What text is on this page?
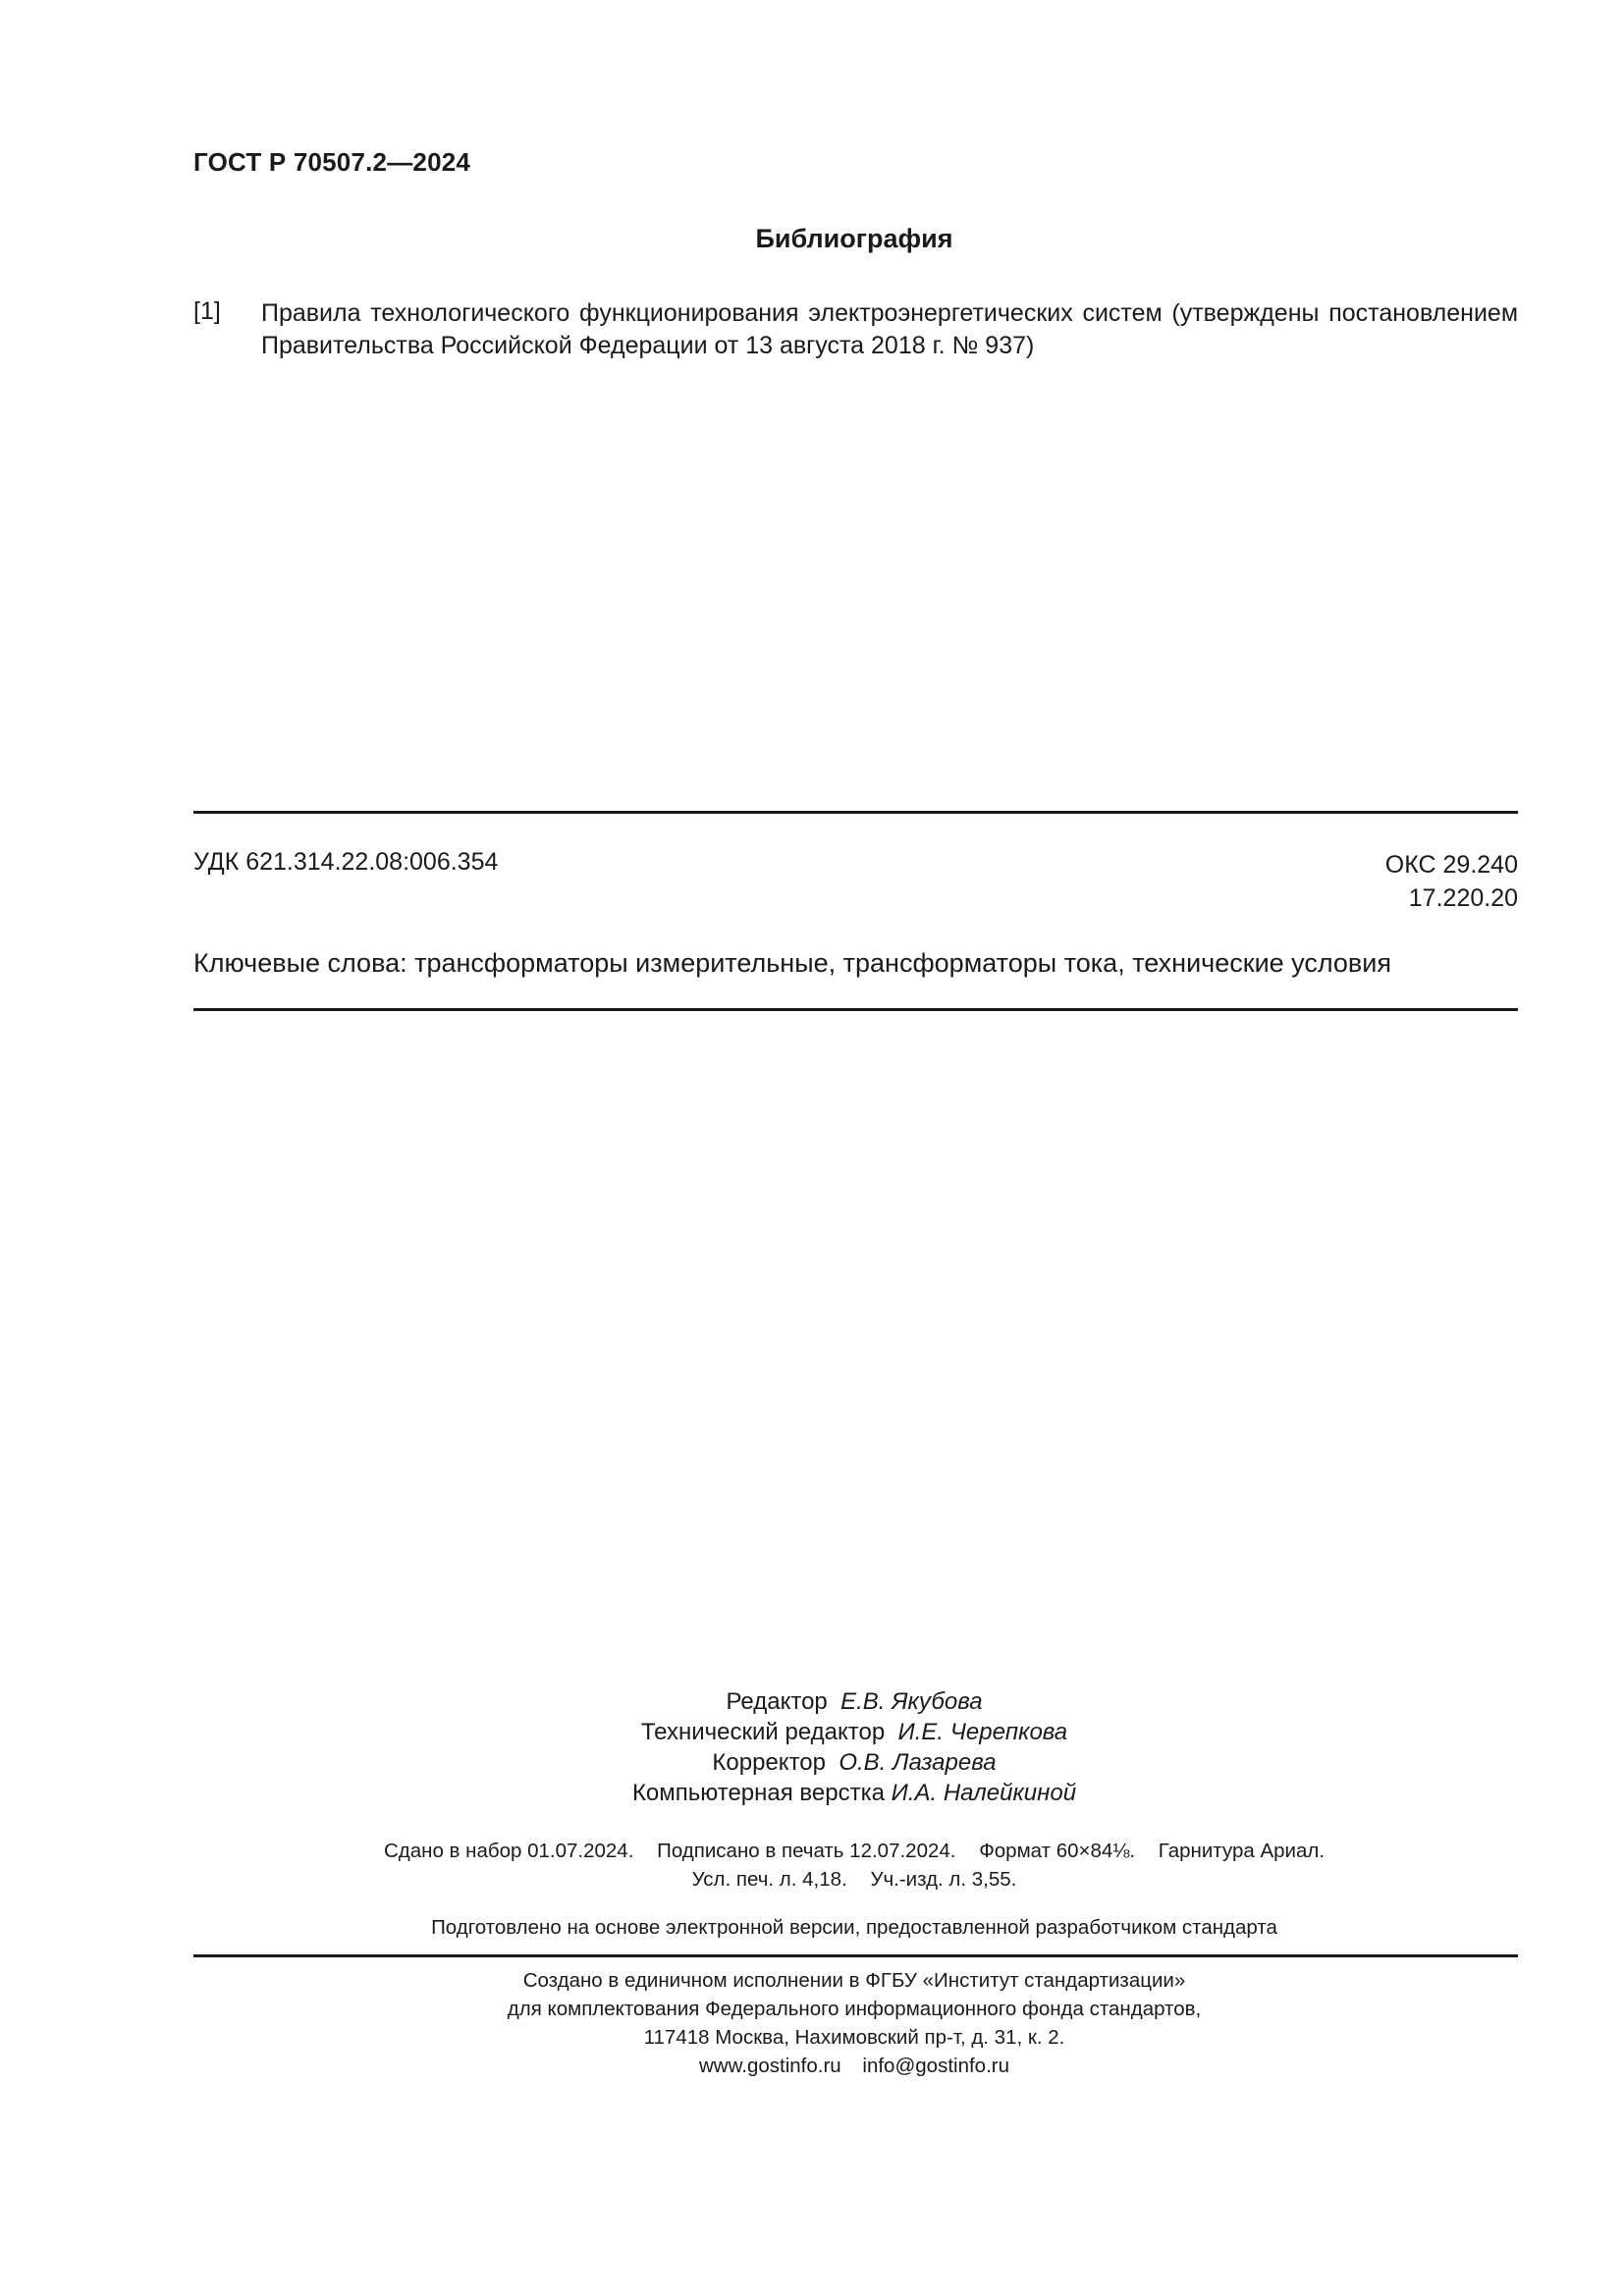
ГОСТ Р 70507.2—2024
Библиография
[1] Правила технологического функционирования электроэнергетических систем (утверждены постановлением
Правительства Российской Федерации от 13 августа 2018 г. № 937)
УДК 621.314.22.08:006.354	ОКС 29.240
17.220.20
Ключевые слова: трансформаторы измерительные, трансформаторы тока, технические условия
Редактор Е.В. Якубова
Технический редактор И.Е. Черепкова
Корректор О.В. Лазарева
Компьютерная верстка И.А. Налейкиной
Сдано в набор 01.07.2024. Подписано в печать 12.07.2024. Формат 60×84⅛. Гарнитура Ариал.
Усл. печ. л. 4,18. Уч.-изд. л. 3,55.
Подготовлено на основе электронной версии, предоставленной разработчиком стандарта
Создано в единичном исполнении в ФГБУ «Институт стандартизации»
для комплектования Федерального информационного фонда стандартов,
117418 Москва, Нахимовский пр-т, д. 31, к. 2.
www.gostinfo.ru info@gostinfo.ru
